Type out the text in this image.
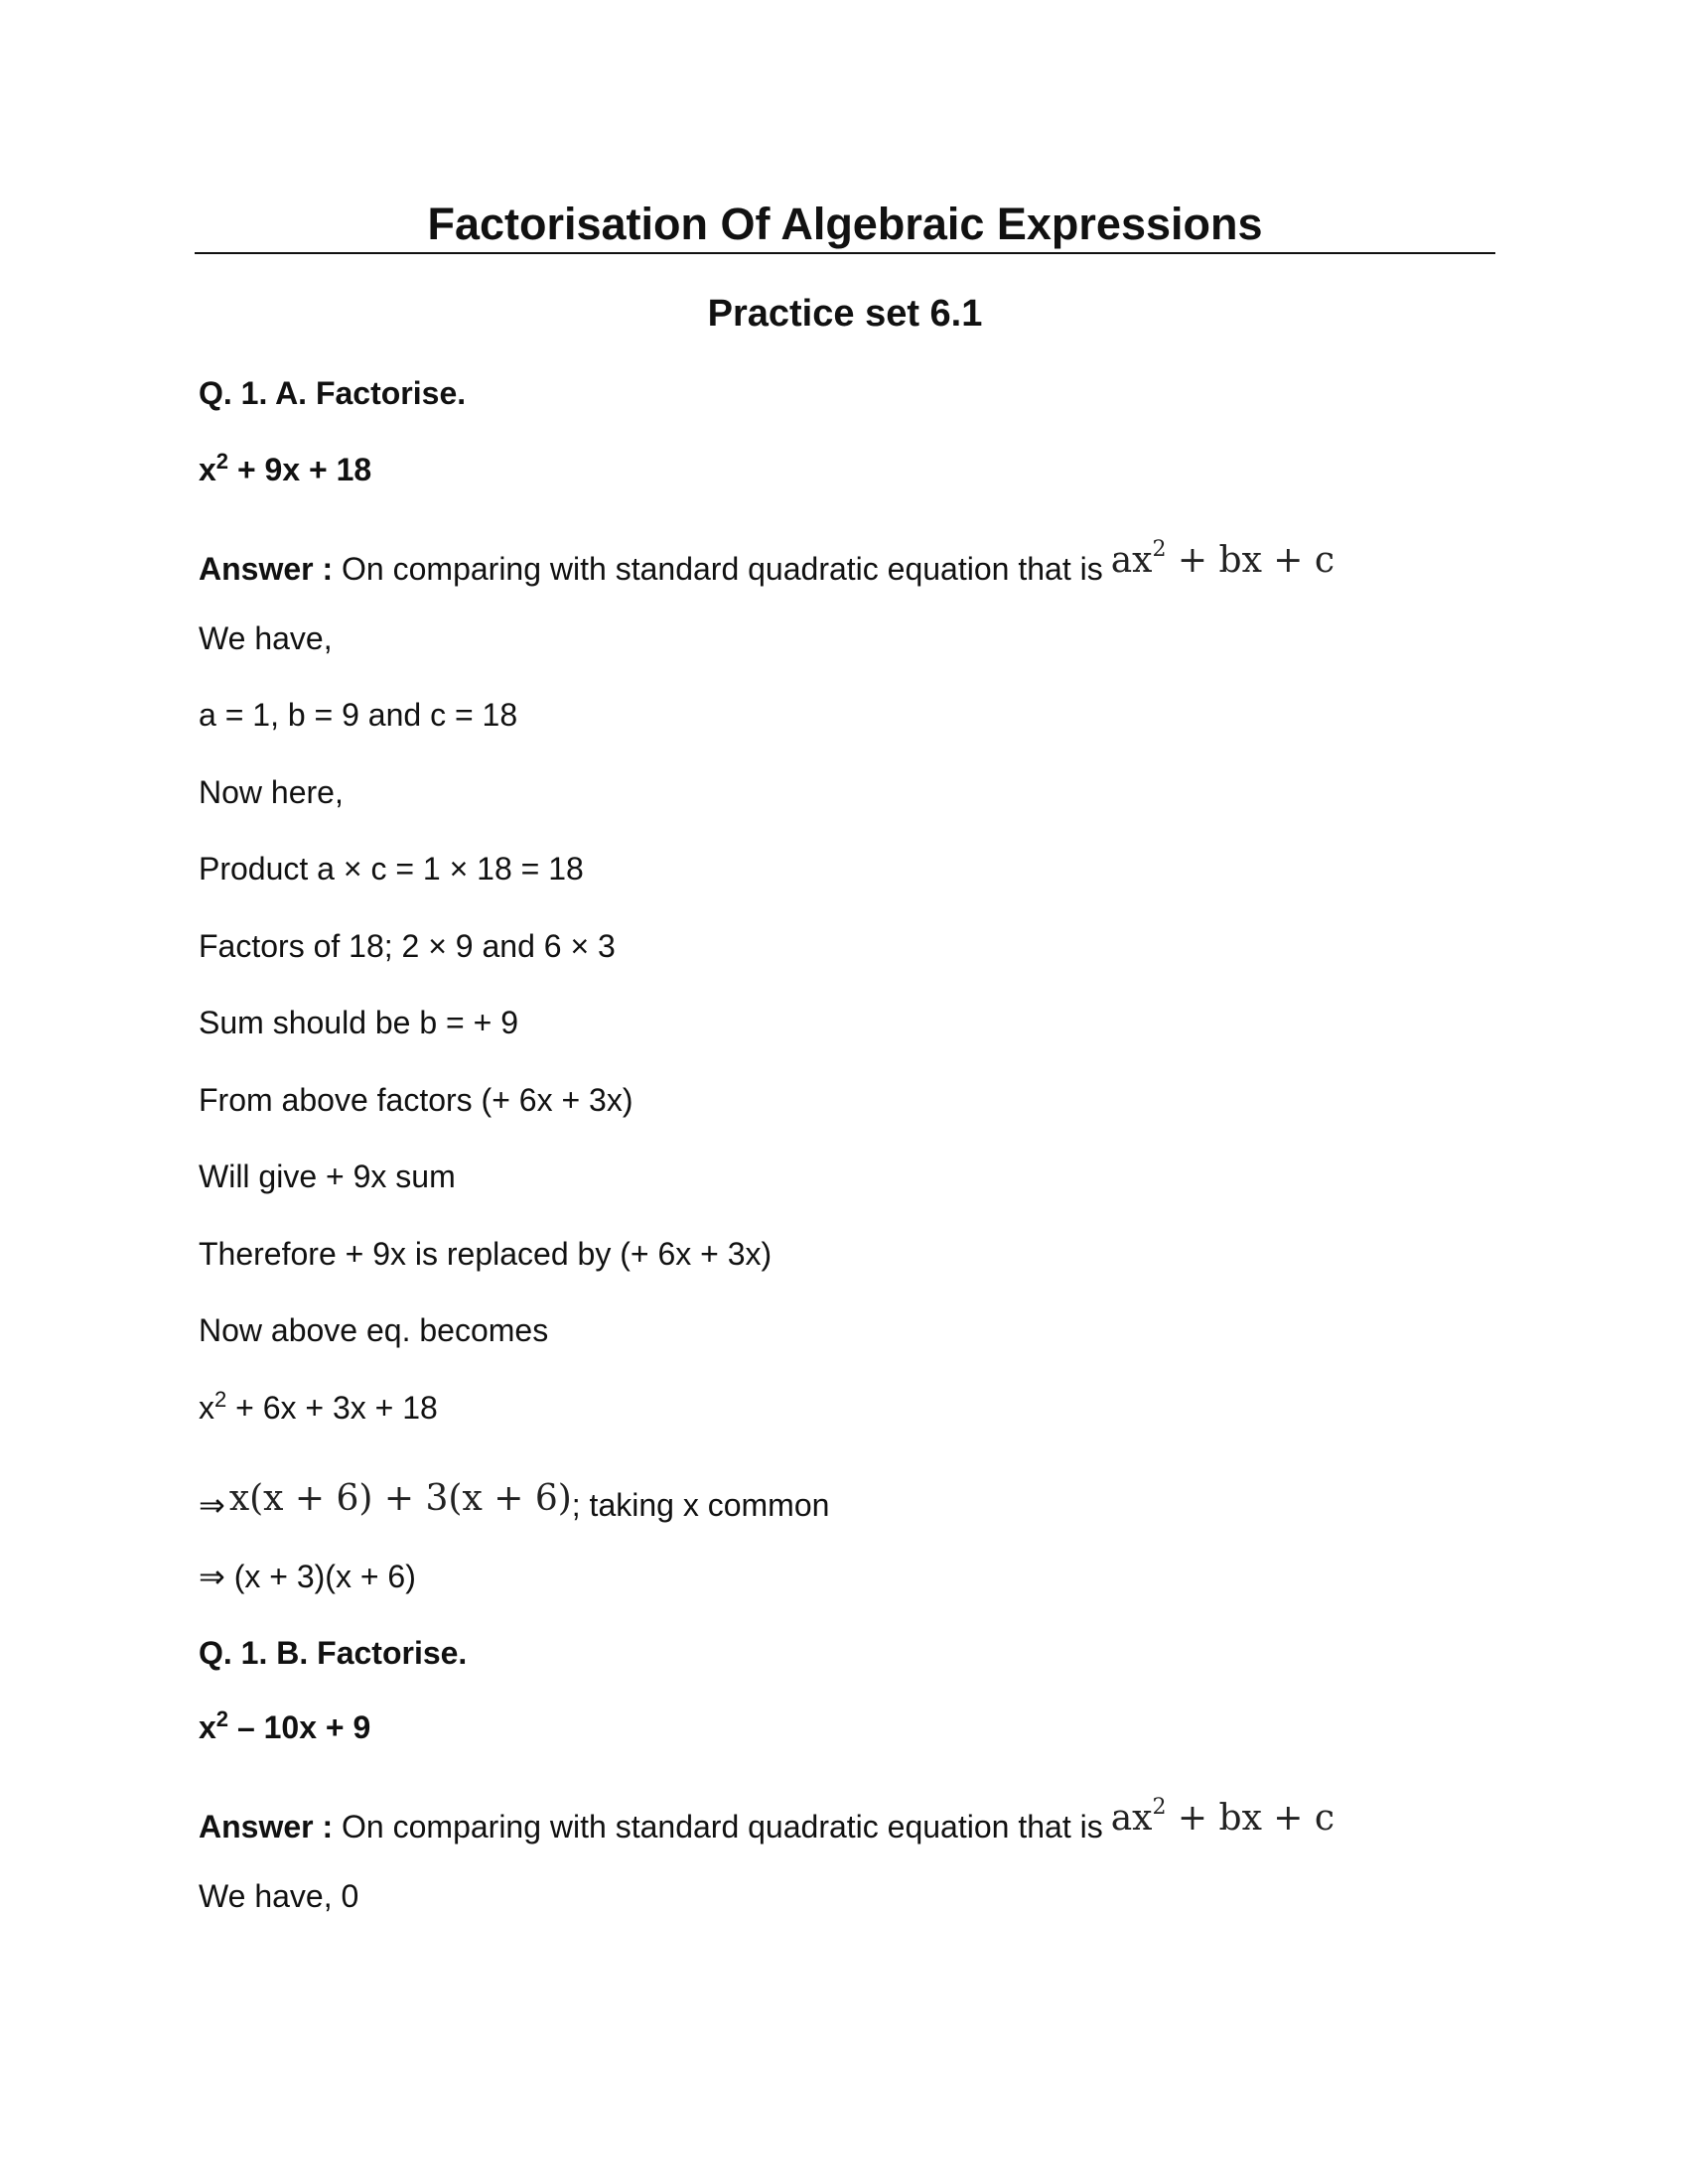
Factorisation Of Algebraic Expressions
Practice set 6.1
Q. 1. A. Factorise.
$x^2 + 9x + 18$
Answer : On comparing with standard quadratic equation that is $ax^2$ + bx + c
We have,
a = 1, b = 9 and c = 18
Now here,
Product a × c = 1 × 18 = 18
Factors of 18; 2 × 9 and 6 × 3
Sum should be b = + 9
From above factors (+ 6x + 3x)
Will give + 9x sum
Therefore + 9x is replaced by (+ 6x + 3x)
Now above eq. becomes
$x^2 + 6x + 3x + 18$
⇒ x(x + 6) + 3(x + 6); taking x common
⇒ (x + 3)(x + 6)
Q. 1. B. Factorise.
$x^2 - 10x + 9$
Answer : On comparing with standard quadratic equation that is $ax^2$ + bx + c
We have, 0
